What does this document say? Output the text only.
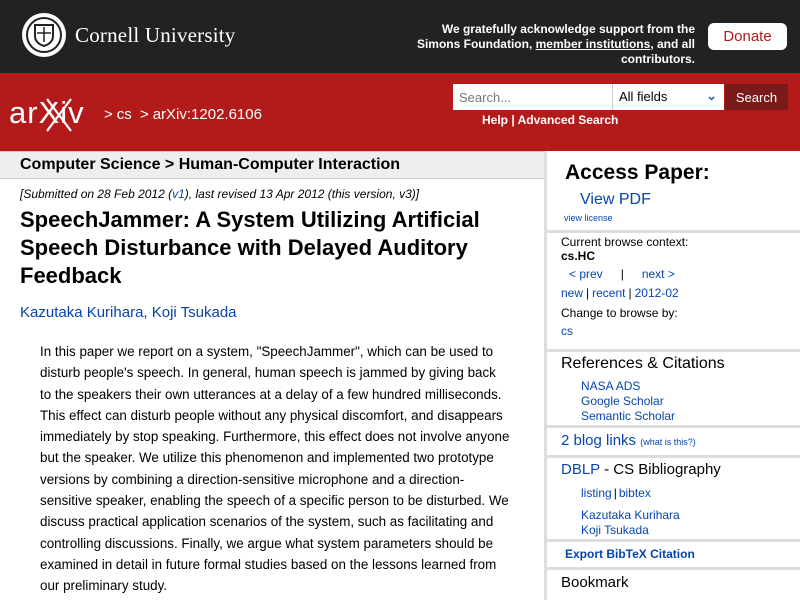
Cornell University	We gratefully acknowledge support from the Simons Foundation, member institutions, and all contributors.
Donate
arXiv > cs > arXiv:1202.6106
Search...
All fields	⌄	Search
Help | Advanced Search
Computer Science > Human-Computer Interaction
[Submitted on 28 Feb 2012 (v1), last revised 13 Apr 2012 (this version, v3)]
SpeechJammer: A System Utilizing Artificial Speech Disturbance with Delayed Auditory Feedback
Kazutaka Kurihara, Koji Tsukada

In this paper we report on a system, "SpeechJammer", which can be used to disturb people's speech. In general, human speech is jammed by giving back to the speakers their own utterances at a delay of a few hundred milliseconds. This effect can disturb people without any physical discomfort, and disappears immediately by stop speaking. Furthermore, this effect does not involve anyone but the speaker. We utilize this phenomenon and implemented two prototype versions by combining a direction-sensitive microphone and a direction-sensitive speaker, enabling the speech of a specific person to be disturbed. We discuss practical application scenarios of the system, such as facilitating and controlling discussions. Finally, we argue what system parameters should be examined in detail in future formal studies based on the lessons learned from our preliminary study.

Access Paper:
View PDF
view license
Current browse context:
cs.HC
< prev | next >
new | recent | 2012-02
Change to browse by:
cs
References & Citations
NASA ADS
Google Scholar
Semantic Scholar
2 blog links (what is this?)
DBLP - CS Bibliography
listing | bibtex
Kazutaka Kurihara
Koji Tsukada
Export BibTeX Citation
Bookmark
